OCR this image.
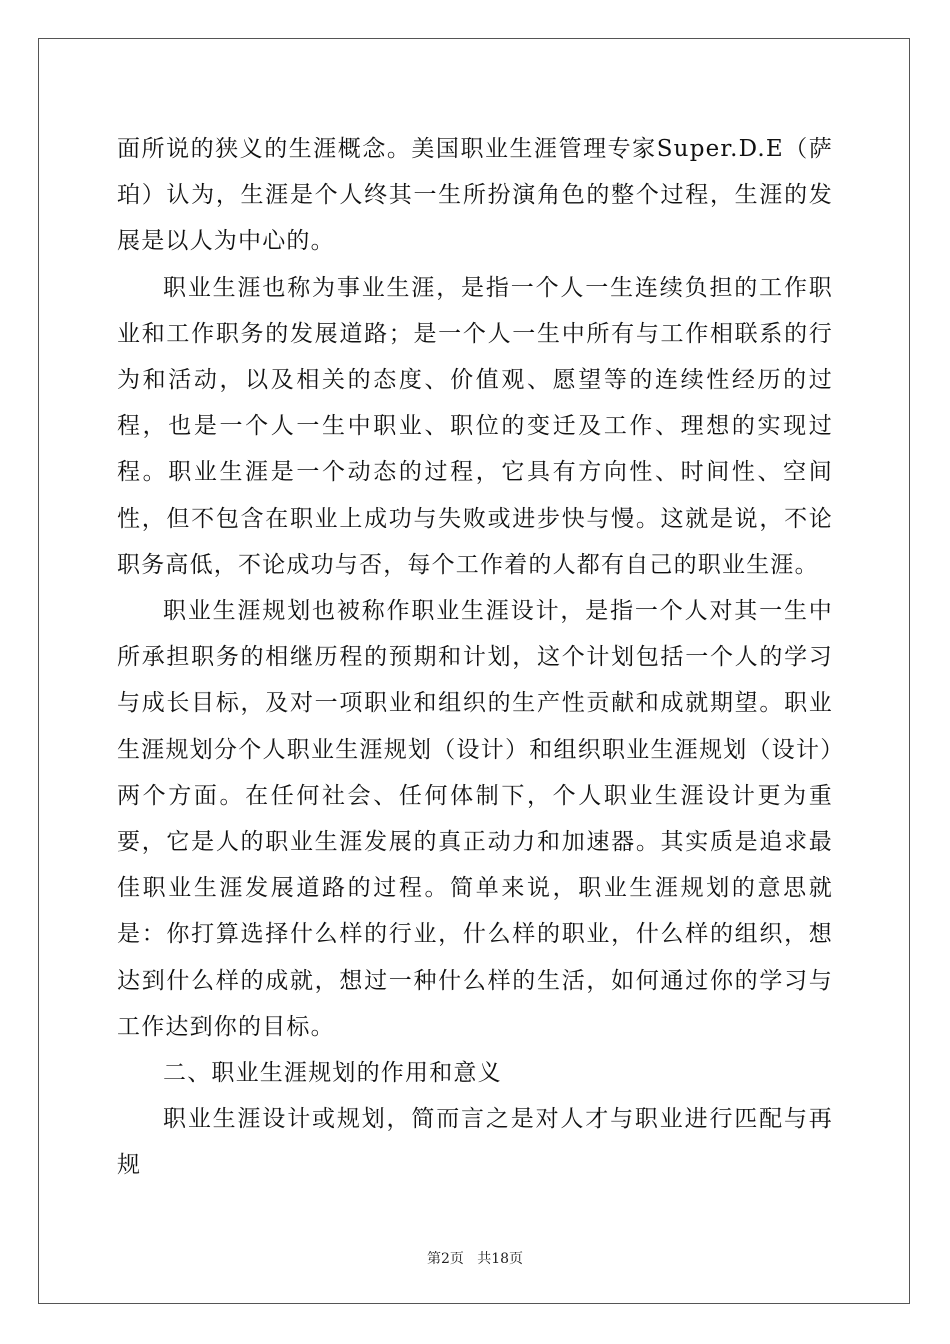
面所说的狭义的生涯概念。美国职业生涯管理专家Super.D.E（萨珀）认为，生涯是个人终其一生所扮演角色的整个过程，生涯的发展是以人为中心的。

职业生涯也称为事业生涯，是指一个人一生连续负担的工作职业和工作职务的发展道路；是一个人一生中所有与工作相联系的行为和活动，以及相关的态度、价值观、愿望等的连续性经历的过程，也是一个人一生中职业、职位的变迁及工作、理想的实现过程。职业生涯是一个动态的过程，它具有方向性、时间性、空间性，但不包含在职业上成功与失败或进步快与慢。这就是说，不论职务高低，不论成功与否，每个工作着的人都有自己的职业生涯。

职业生涯规划也被称作职业生涯设计，是指一个人对其一生中所承担职务的相继历程的预期和计划，这个计划包括一个人的学习与成长目标，及对一项职业和组织的生产性贡献和成就期望。职业生涯规划分个人职业生涯规划（设计）和组织职业生涯规划（设计）两个方面。在任何社会、任何体制下，个人职业生涯设计更为重要，它是人的职业生涯发展的真正动力和加速器。其实质是追求最佳职业生涯发展道路的过程。简单来说，职业生涯规划的意思就是：你打算选择什么样的行业，什么样的职业，什么样的组织，想达到什么样的成就，想过一种什么样的生活，如何通过你的学习与工作达到你的目标。

二、职业生涯规划的作用和意义

职业生涯设计或规划，简而言之是对人才与职业进行匹配与再规

第2页   共18页
